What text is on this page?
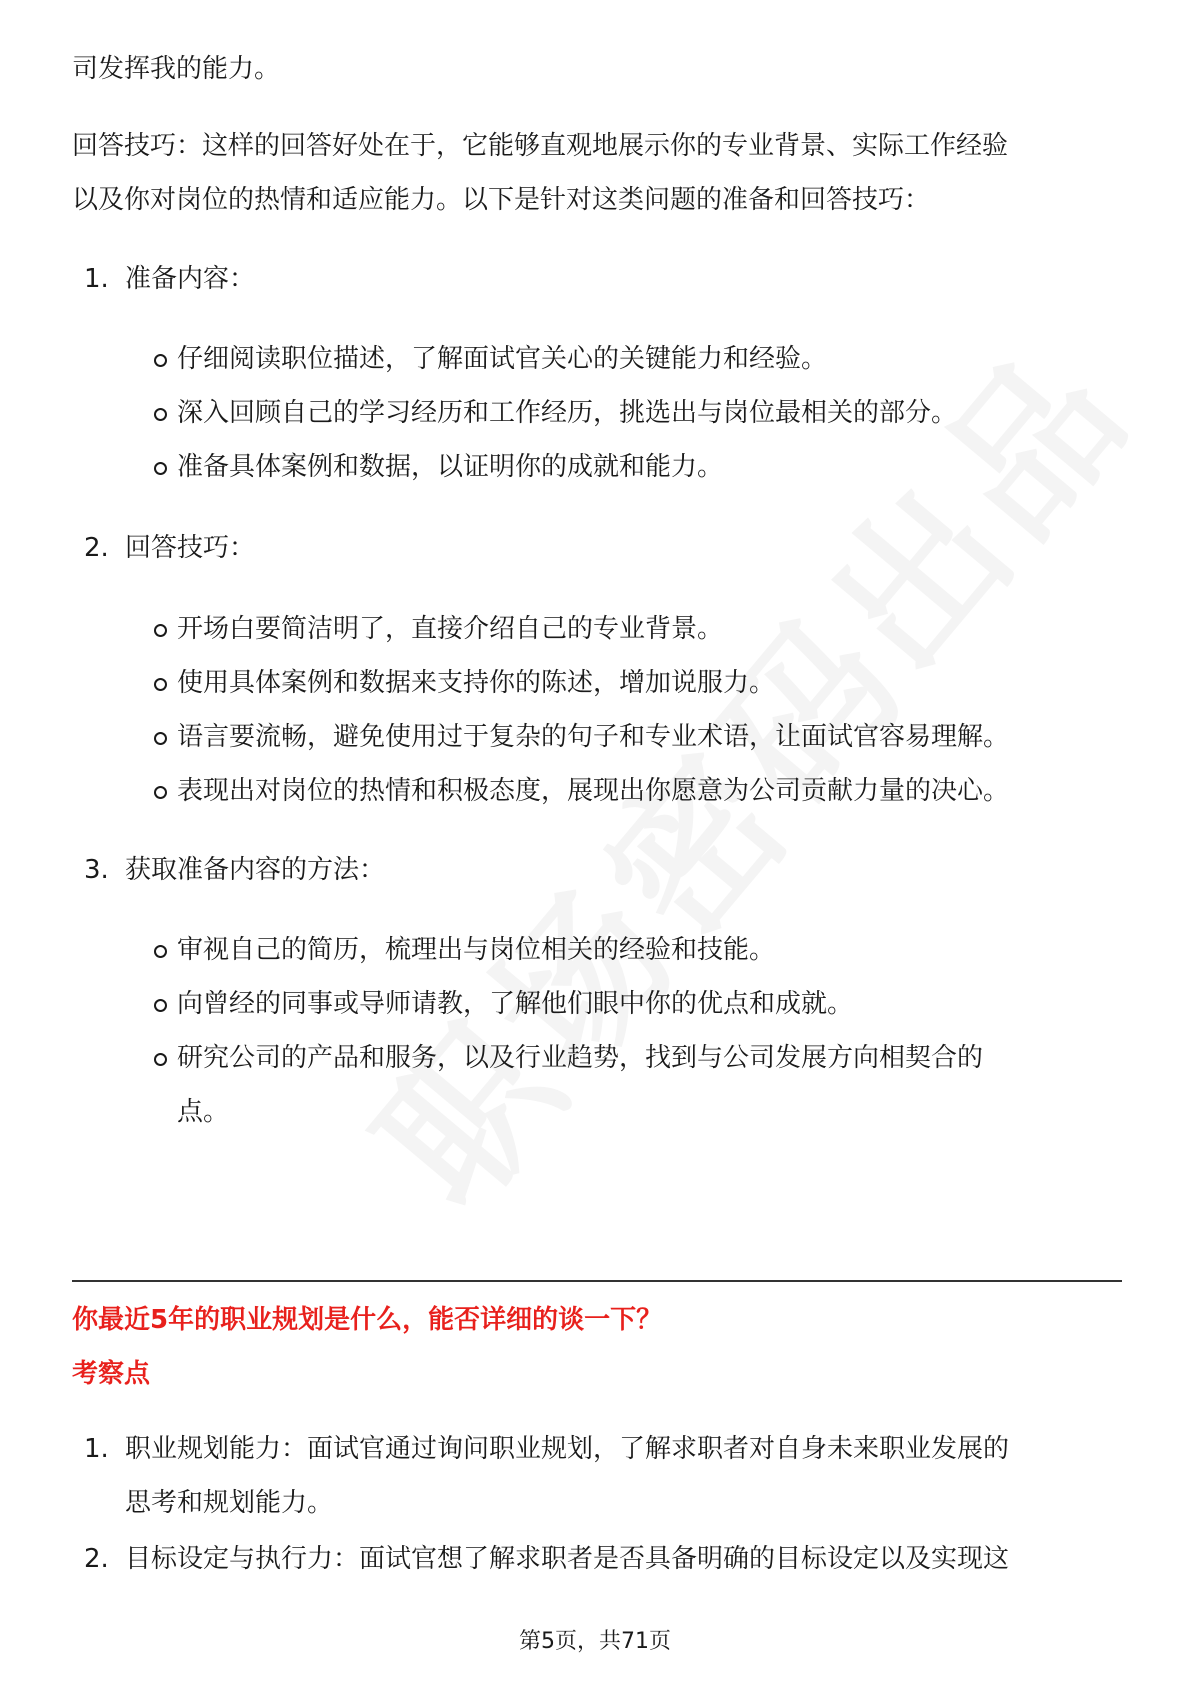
司发挥我的能力。

回答技巧：这样的回答好处在于，它能够直观地展示你的专业背景、实际工作经验

以及你对岗位的热情和适应能力。以下是针对这类问题的准备和回答技巧：

1. 准备内容：
仔细阅读职位描述，了解面试官关心的关键能力和经验。
深入回顾自己的学习经历和工作经历，挑选出与岗位最相关的部分。
准备具体案例和数据，以证明你的成就和能力。
2. 回答技巧：
开场白要简洁明了，直接介绍自己的专业背景。
使用具体案例和数据来支持你的陈述，增加说服力。
语言要流畅，避免使用过于复杂的句子和专业术语，让面试官容易理解。
表现出对岗位的热情和积极态度，展现出你愿意为公司贡献力量的决心。
3. 获取准备内容的方法：
审视自己的简历，梳理出与岗位相关的经验和技能。
向曾经的同事或导师请教，了解他们眼中你的优点和成就。
研究公司的产品和服务，以及行业趋势，找到与公司发展方向相契合的
点。
你最近5年的职业规划是什么，能否详细的谈一下？
考察点
1. 职业规划能力：面试官通过询问职业规划，了解求职者对自身未来职业发展的
思考和规划能力。
2. 目标设定与执行力：面试官想了解求职者是否具备明确的目标设定以及实现这
第5页，共71页
